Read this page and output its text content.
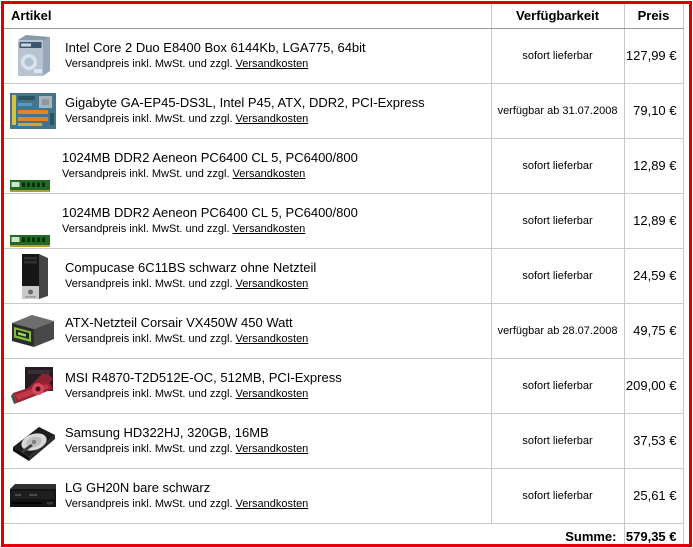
Artikel	Verfügbarkeit	Preis

Intel Core 2 Duo E8400 Box 6144Kb, LGA775, 64bit
Versandpreis inkl. MwSt. und zzgl. Versandkosten	sofort lieferbar	127,99 €

Gigabyte GA-EP45-DS3L, Intel P45, ATX, DDR2, PCI-Express
Versandpreis inkl. MwSt. und zzgl. Versandkosten	verfügbar ab 31.07.2008	79,10 €

1024MB DDR2 Aeneon PC6400 CL 5, PC6400/800
Versandpreis inkl. MwSt. und zzgl. Versandkosten	sofort lieferbar	12,89 €

1024MB DDR2 Aeneon PC6400 CL 5, PC6400/800
Versandpreis inkl. MwSt. und zzgl. Versandkosten	sofort lieferbar	12,89 €

Compucase 6C11BS schwarz ohne Netzteil
Versandpreis inkl. MwSt. und zzgl. Versandkosten	sofort lieferbar	24,59 €

ATX-Netzteil Corsair VX450W 450 Watt
Versandpreis inkl. MwSt. und zzgl. Versandkosten	verfügbar ab 28.07.2008	49,75 €

MSI R4870-T2D512E-OC, 512MB, PCI-Express
Versandpreis inkl. MwSt. und zzgl. Versandkosten	sofort lieferbar	209,00 €

Samsung HD322HJ, 320GB, 16MB
Versandpreis inkl. MwSt. und zzgl. Versandkosten	sofort lieferbar	37,53 €

LG GH20N bare schwarz
Versandpreis inkl. MwSt. und zzgl. Versandkosten	sofort lieferbar	25,61 €
Summe:		579,35 €
